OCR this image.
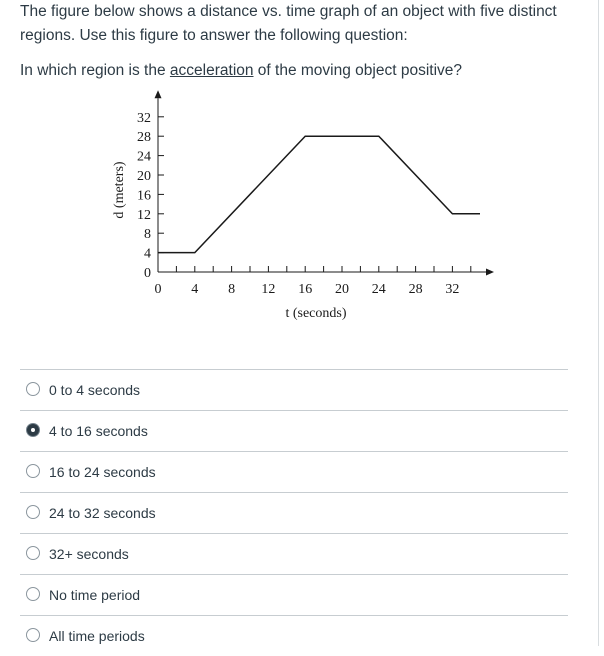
The figure below shows a distance vs. time graph of an object with five distinct regions. Use this figure to answer the following question:

In which region is the acceleration of the moving object positive?

0 4 8 12 16 20 24 28 32
0
4
8
12
16
20
24
28
32
t (seconds)
d (meters)
0 to 4 seconds
4 to 16 seconds
16 to 24 seconds
24 to 32 seconds
32+ seconds
No time period
All time periods
